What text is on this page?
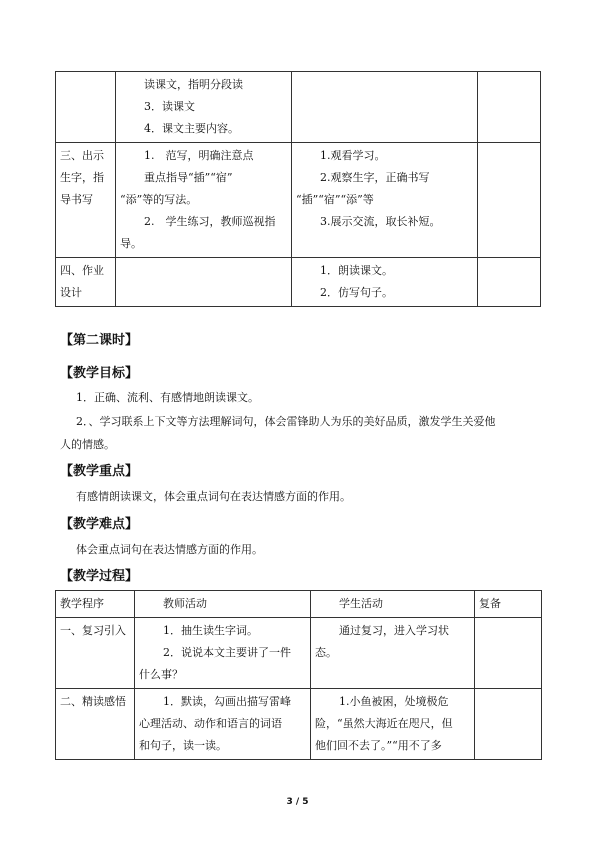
	读课文，指明分段读
3．读课文
4．课文主要内容。		

三、出示
生字，指
导书写	1.　范写，明确注意点
重点指导“插”“宿”
“添”等的写法。
2.　学生练习，教师巡视指
导。	1.观看学习。
2.观察生字，正确书写
“插”“宿”“添”等
3.展示交流，取长补短。	

四、作业
设计		1．朗读课文。
2．仿写句子。	

【第二课时】
【教学目标】
1．正确、流利、有感情地朗读课文。
2．、学习联系上下文等方法理解词句，体会雷锋助人为乐的美好品质，激发学生关爱他
人的情感。
【教学重点】
有感情朗读课文，体会重点词句在表达情感方面的作用。
【教学难点】
体会重点词句在表达情感方面的作用。
【教学过程】
教学程序	教师活动	学生活动	复备

一、复习引入	1．抽生读生字词。
2．说说本文主要讲了一件
什么事？	通过复习，进入学习状
态。	

二、精读感悟	1．默读，勾画出描写雷峰
心理活动、动作和语言的词语
和句子，读一读。	1.小鱼被困，处境极危
险，“虽然大海近在咫尺，但
他们回不去了。”“用不了多	

3 / 5
